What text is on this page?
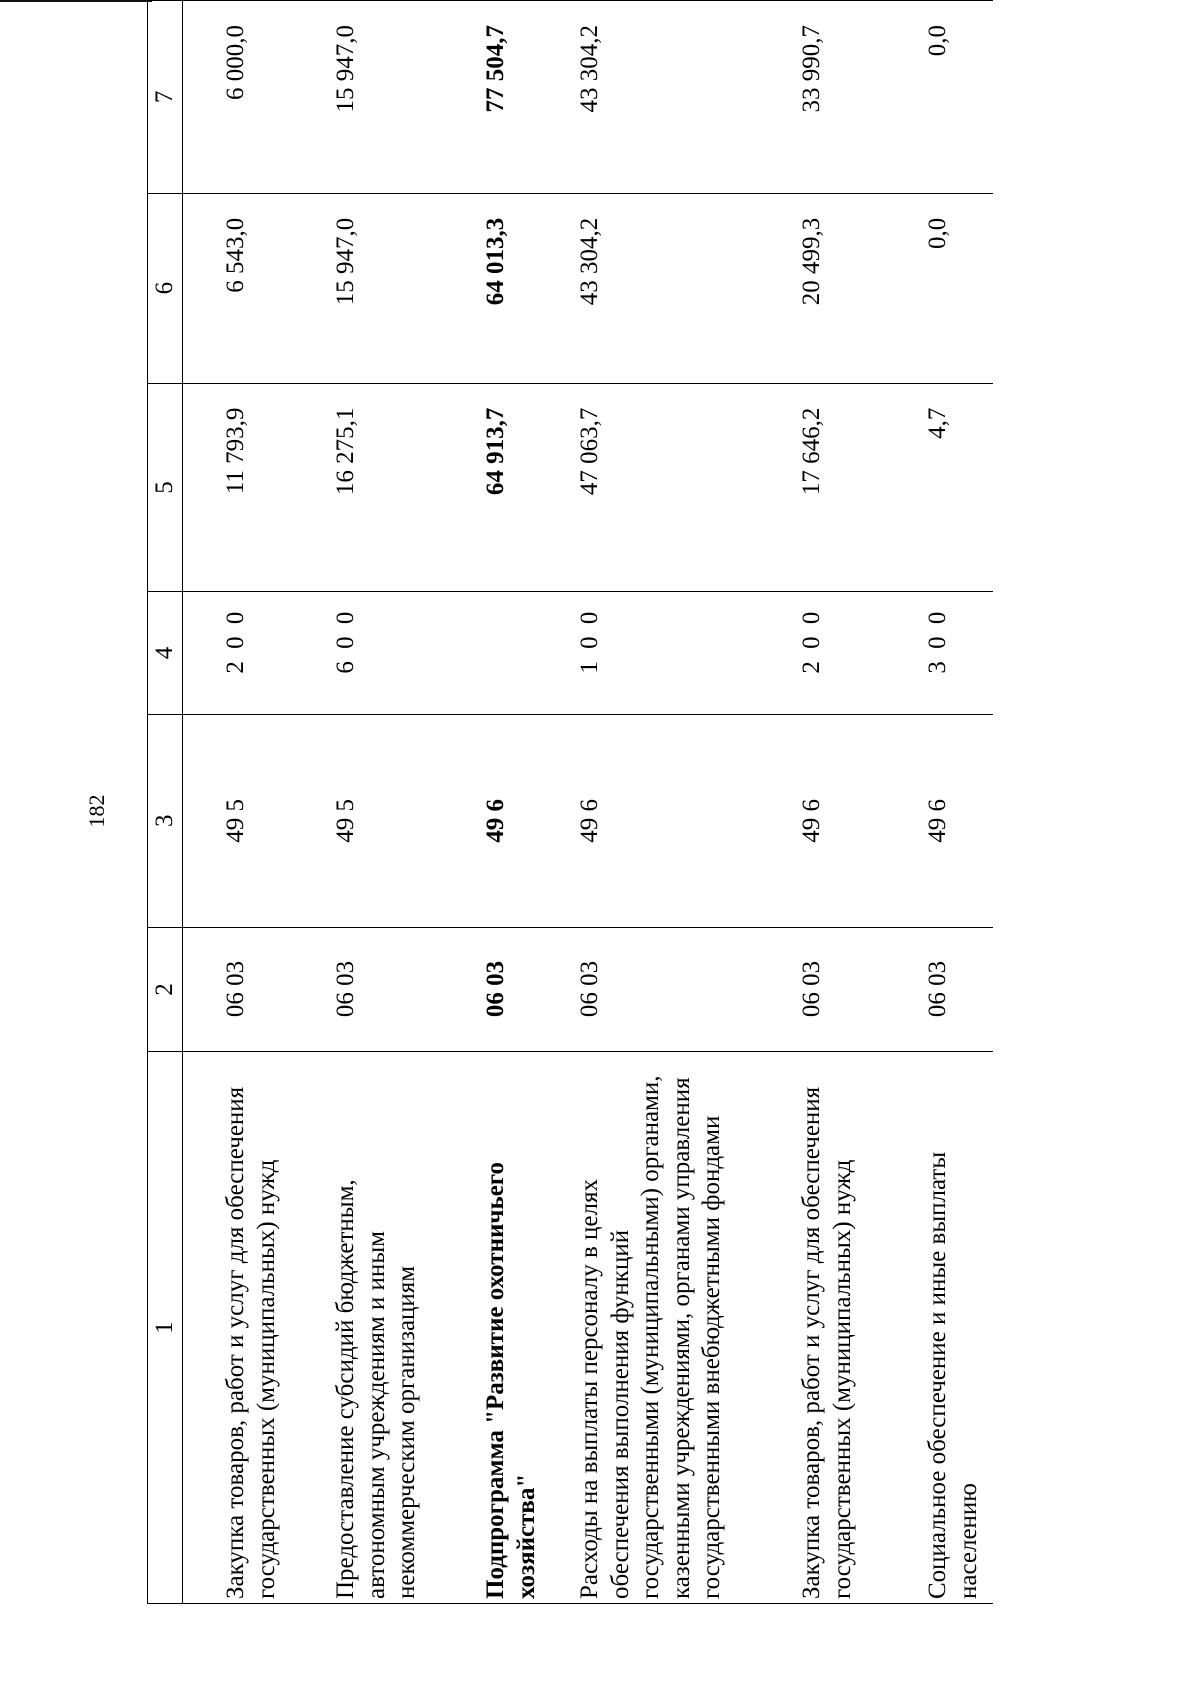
182
1	2	3	4	5	6	7
Закупка товаров, работ и услуг для обеспечения государственных (муниципальных) нужд	06 03	49 5	2 0 0	11 793,9	6 543,0	6 000,0
Предоставление субсидий бюджетным, автономным учреждениям и иным некоммерческим организациям	06 03	49 5	6 0 0	16 275,1	15 947,0	15 947,0
Подпрограмма "Развитие охотничьего хозяйства"	06 03	49 6		64 913,7	64 013,3	77 504,7
Расходы на выплаты персоналу в целях обеспечения выполнения функций государственными (муниципальными) органами, казенными учреждениями, органами управления государственными внебюджетными фондами	06 03	49 6	1 0 0	47 063,7	43 304,2	43 304,2
Закупка товаров, работ и услуг для обеспечения государственных (муниципальных) нужд	06 03	49 6	2 0 0	17 646,2	20 499,3	33 990,7
Социальное обеспечение и иные выплаты населению	06 03	49 6	3 0 0	4,7	0,0	0,0
